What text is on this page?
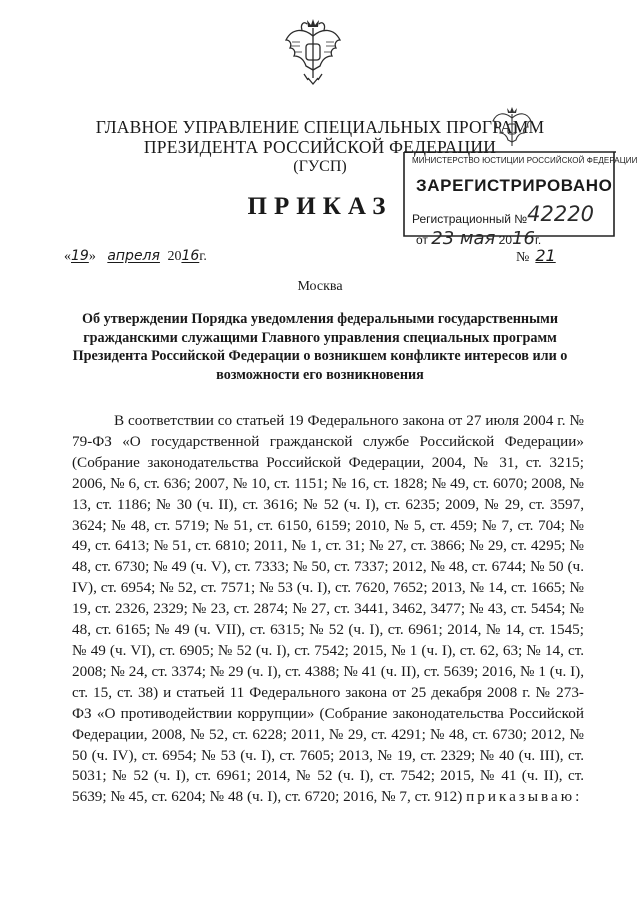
ГЛАВНОЕ УПРАВЛЕНИЕ СПЕЦИАЛЬНЫХ ПРОГРАММ
ПРЕЗИДЕНТА РОССИЙСКОЙ ФЕДЕРАЦИИ
(ГУСП)
ПРИКАЗ
МИНИСТЕРСТВО ЮСТИЦИИ РОССИЙСКОЙ ФЕДЕРАЦИИ
ЗАРЕГИСТРИРОВАНО
Регистрационный №42220
от 23 мая 2016г.
«19» апреля 2016г.	№ 21
Москва
Об утверждении Порядка уведомления федеральными государственными гражданскими служащими Главного управления специальных программ Президента Российской Федерации о возникшем конфликте интересов или о возможности его возникновения
В соответствии со статьей 19 Федерального закона от 27 июля 2004 г. № 79-ФЗ «О государственной гражданской службе Российской Федерации» (Собрание законодательства Российской Федерации, 2004, № 31, ст. 3215; 2006, № 6, ст. 636; 2007, № 10, ст. 1151; № 16, ст. 1828; № 49, ст. 6070; 2008, № 13, ст. 1186; № 30 (ч. II), ст. 3616; № 52 (ч. I), ст. 6235; 2009, № 29, ст. 3597, 3624; № 48, ст. 5719; № 51, ст. 6150, 6159; 2010, № 5, ст. 459; № 7, ст. 704; № 49, ст. 6413; № 51, ст. 6810; 2011, № 1, ст. 31; № 27, ст. 3866; № 29, ст. 4295; № 48, ст. 6730; № 49 (ч. V), ст. 7333; № 50, ст. 7337; 2012, № 48, ст. 6744; № 50 (ч. IV), ст. 6954; № 52, ст. 7571; № 53 (ч. I), ст. 7620, 7652; 2013, № 14, ст. 1665; № 19, ст. 2326, 2329; № 23, ст. 2874; № 27, ст. 3441, 3462, 3477; № 43, ст. 5454; № 48, ст. 6165; № 49 (ч. VII), ст. 6315; № 52 (ч. I), ст. 6961; 2014, № 14, ст. 1545; № 49 (ч. VI), ст. 6905; № 52 (ч. I), ст. 7542; 2015, № 1 (ч. I), ст. 62, 63; № 14, ст. 2008; № 24, ст. 3374; № 29 (ч. I), ст. 4388; № 41 (ч. II), ст. 5639; 2016, № 1 (ч. I), ст. 15, ст. 38) и статьей 11 Федерального закона от 25 декабря 2008 г. № 273-ФЗ «О противодействии коррупции» (Собрание законодательства Российской Федерации, 2008, № 52, ст. 6228; 2011, № 29, ст. 4291; № 48, ст. 6730; 2012, № 50 (ч. IV), ст. 6954; № 53 (ч. I), ст. 7605; 2013, № 19, ст. 2329; № 40 (ч. III), ст. 5031; № 52 (ч. I), ст. 6961; 2014, № 52 (ч. I), ст. 7542; 2015, № 41 (ч. II), ст. 5639; № 45, ст. 6204; № 48 (ч. I), ст. 6720; 2016, № 7, ст. 912) приказываю:
